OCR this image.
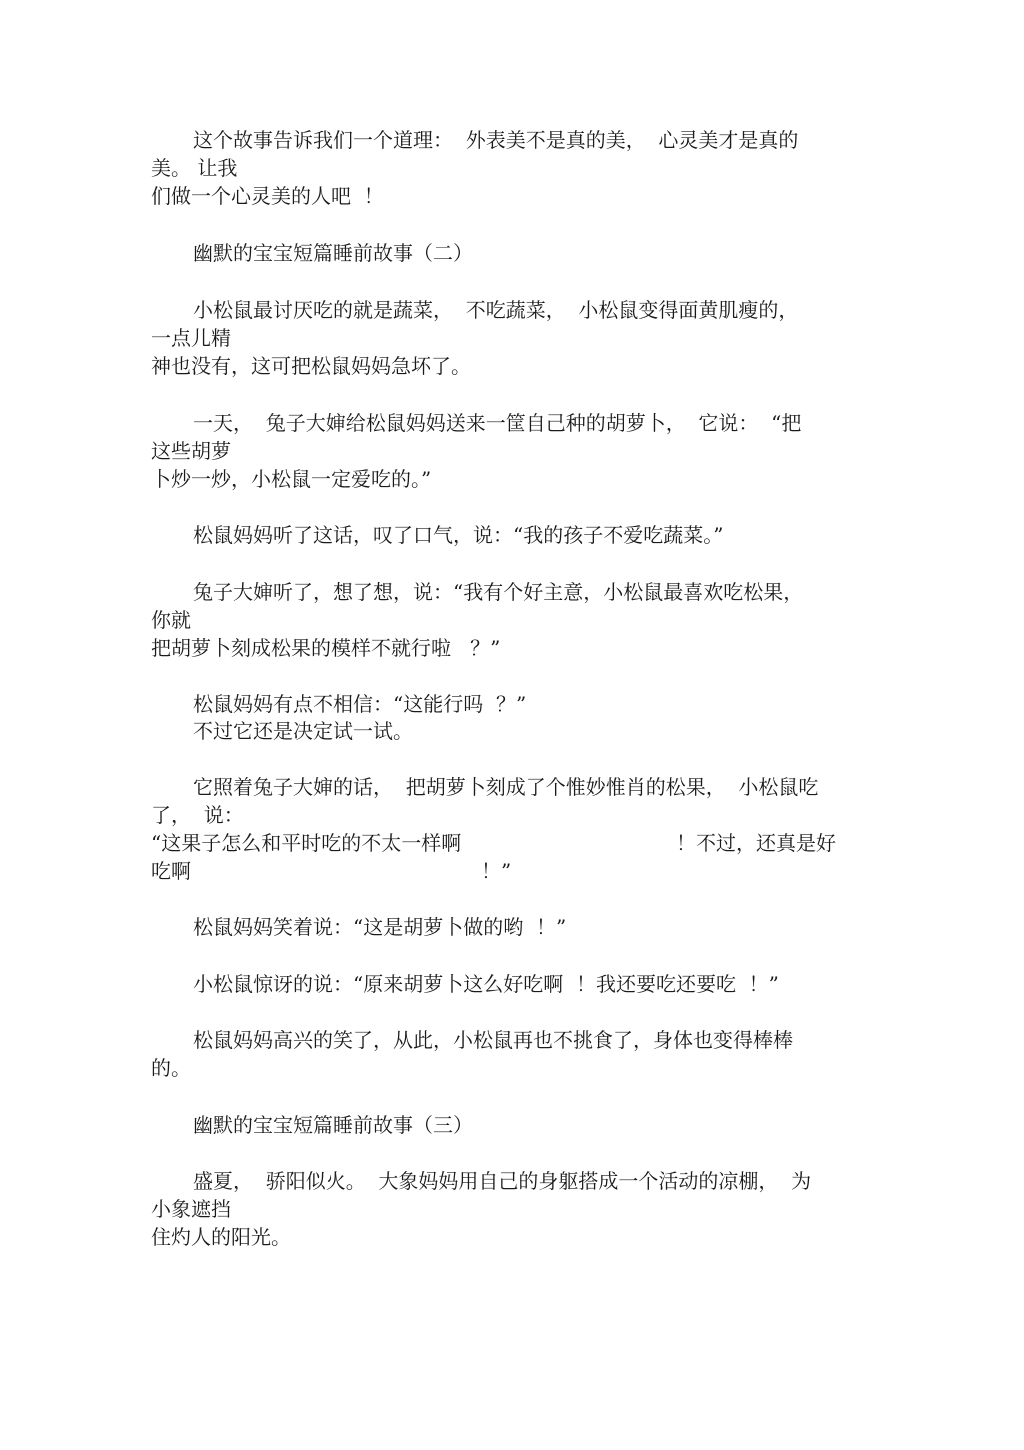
这个故事告诉我们一个道理：  外表美不是真的美，  心灵美才是真的

美。 让我

们做一个心灵美的人吧  ！

幽默的宝宝短篇睡前故事（二）

小松鼠最讨厌吃的就是蔬菜，  不吃蔬菜，  小松鼠变得面黄肌瘦的，

一点儿精

神也没有，这可把松鼠妈妈急坏了。

一天，  兔子大婶给松鼠妈妈送来一筐自己种的胡萝卜，  它说：  “把

这些胡萝

卜炒一炒，小松鼠一定爱吃的。”

松鼠妈妈听了这话，叹了口气，说：“我的孩子不爱吃蔬菜。”

兔子大婶听了，想了想，说：“我有个好主意，小松鼠最喜欢吃松果，

你就

把胡萝卜刻成松果的模样不就行啦   ？”

松鼠妈妈有点不相信：“这能行吗  ？”

不过它还是决定试一试。

它照着兔子大婶的话，  把胡萝卜刻成了个惟妙惟肖的松果，  小松鼠吃

了，  说：

“这果子怎么和平时吃的不太一样啊	！不过，还真是好

吃啊	！”

松鼠妈妈笑着说：“这是胡萝卜做的哟  ！”

小松鼠惊讶的说：“原来胡萝卜这么好吃啊  ！我还要吃还要吃  ！”

松鼠妈妈高兴的笑了，从此，小松鼠再也不挑食了，身体也变得棒棒

的。

幽默的宝宝短篇睡前故事（三）

盛夏，  骄阳似火。  大象妈妈用自己的身躯搭成一个活动的凉棚，  为

小象遮挡

住灼人的阳光。
